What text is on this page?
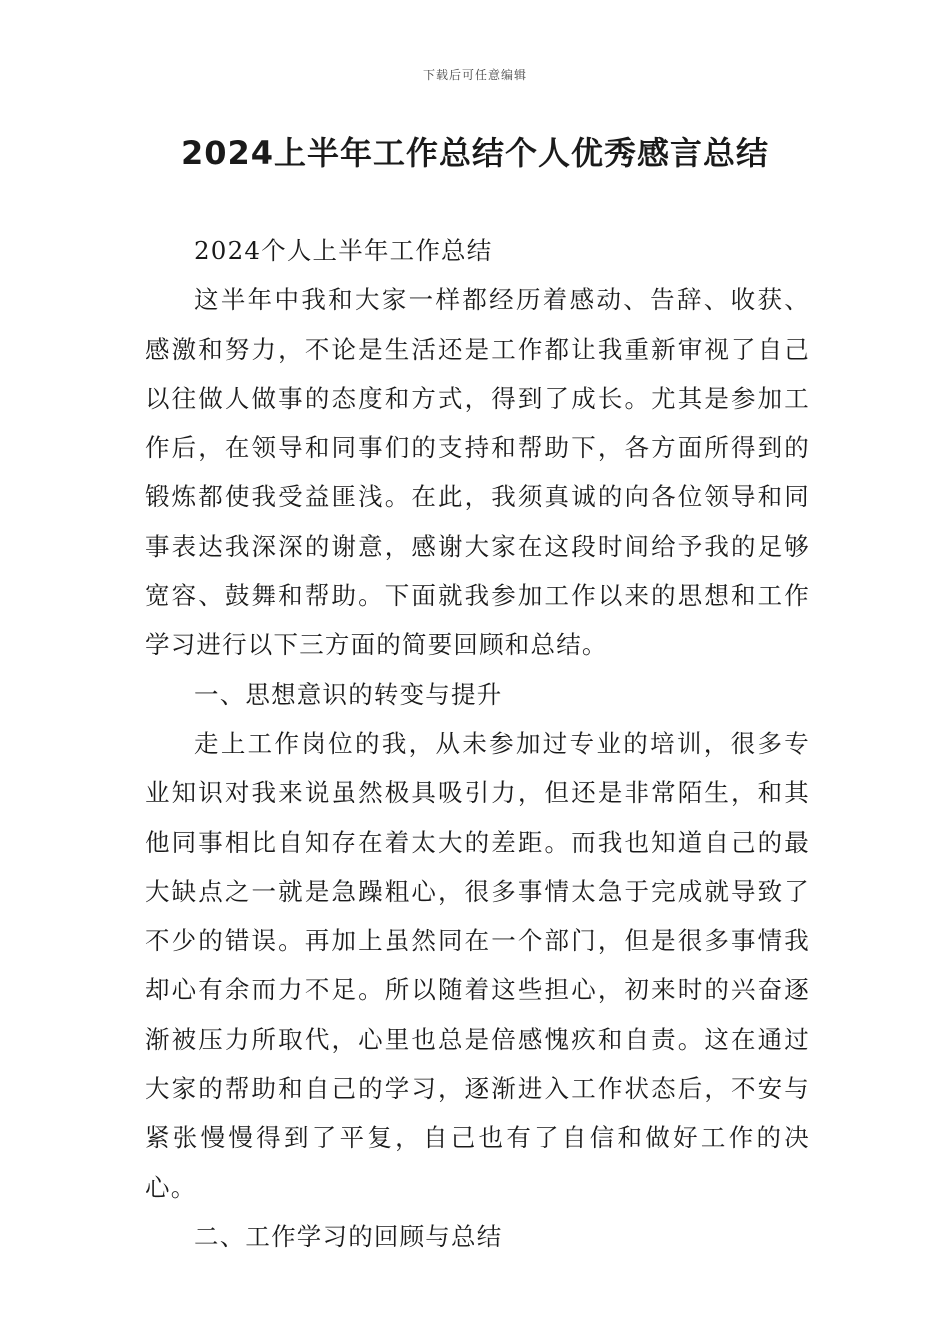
下载后可任意编辑
2024上半年工作总结个人优秀感言总结

2024个人上半年工作总结

这半年中我和大家一样都经历着感动、告辞、收获、感激和努力，不论是生活还是工作都让我重新审视了自己以往做人做事的态度和方式，得到了成长。尤其是参加工作后，在领导和同事们的支持和帮助下，各方面所得到的锻炼都使我受益匪浅。在此，我须真诚的向各位领导和同事表达我深深的谢意，感谢大家在这段时间给予我的足够宽容、鼓舞和帮助。下面就我参加工作以来的思想和工作学习进行以下三方面的简要回顾和总结。

一、思想意识的转变与提升

走上工作岗位的我，从未参加过专业的培训，很多专业知识对我来说虽然极具吸引力，但还是非常陌生，和其他同事相比自知存在着太大的差距。而我也知道自己的最大缺点之一就是急躁粗心，很多事情太急于完成就导致了不少的错误。再加上虽然同在一个部门，但是很多事情我却心有余而力不足。所以随着这些担心，初来时的兴奋逐渐被压力所取代，心里也总是倍感愧疚和自责。这在通过大家的帮助和自己的学习，逐渐进入工作状态后，不安与紧张慢慢得到了平复，自己也有了自信和做好工作的决心。

二、工作学习的回顾与总结
